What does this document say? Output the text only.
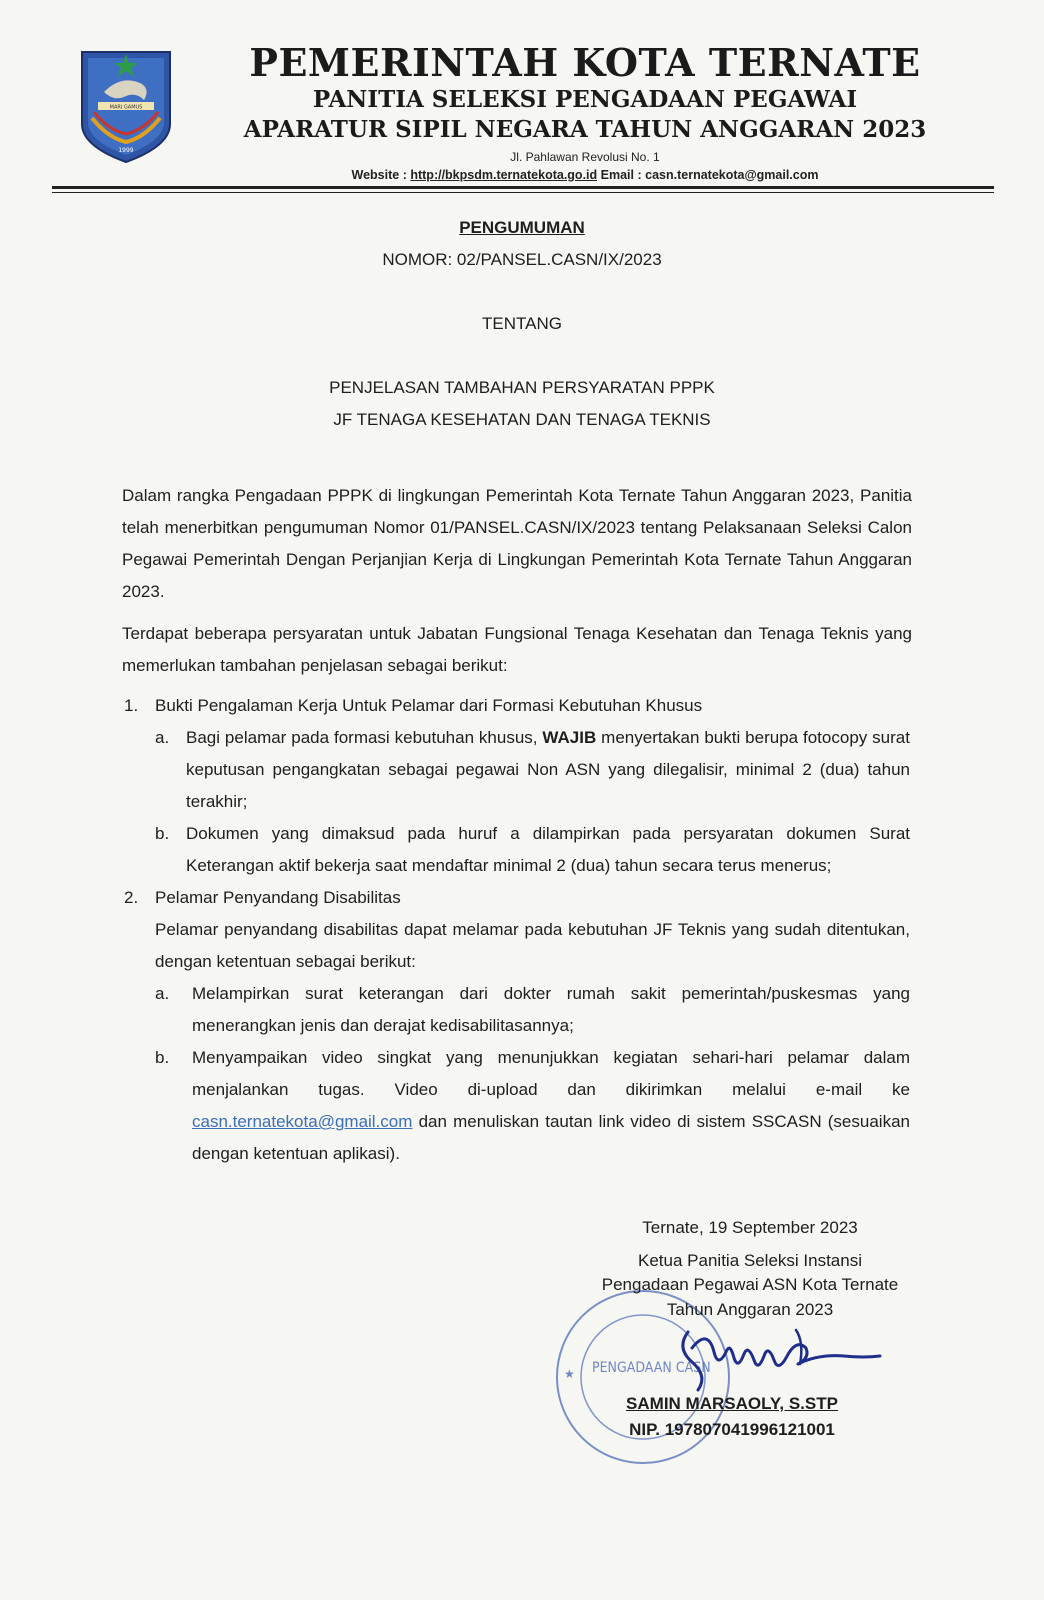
MARI GAMUS
1999
PEMERINTAH KOTA TERNATE
PANITIA SELEKSI PENGADAAN PEGAWAI
APARATUR SIPIL NEGARA TAHUN ANGGARAN 2023
Jl. Pahlawan Revolusi No. 1
Website : http://bkpsdm.ternatekota.go.id Email : casn.ternatekota@gmail.com
PENGUMUMAN
NOMOR: 02/PANSEL.CASN/IX/2023
TENTANG
PENJELASAN TAMBAHAN PERSYARATAN PPPK
JF TENAGA KESEHATAN DAN TENAGA TEKNIS
Dalam rangka Pengadaan PPPK di lingkungan Pemerintah Kota Ternate Tahun Anggaran 2023, Panitia telah menerbitkan pengumuman Nomor 01/PANSEL.CASN/IX/2023 tentang Pelaksanaan Seleksi Calon Pegawai Pemerintah Dengan Perjanjian Kerja di Lingkungan Pemerintah Kota Ternate Tahun Anggaran 2023.
Terdapat beberapa persyaratan untuk Jabatan Fungsional Tenaga Kesehatan dan Tenaga Teknis yang memerlukan tambahan penjelasan sebagai berikut:
1. Bukti Pengalaman Kerja Untuk Pelamar dari Formasi Kebutuhan Khusus
a. Bagi pelamar pada formasi kebutuhan khusus, WAJIB menyertakan bukti berupa fotocopy surat keputusan pengangkatan sebagai pegawai Non ASN yang dilegalisir, minimal 2 (dua) tahun terakhir;
b. Dokumen yang dimaksud pada huruf a dilampirkan pada persyaratan dokumen Surat Keterangan aktif bekerja saat mendaftar minimal 2 (dua) tahun secara terus menerus;
2. Pelamar Penyandang Disabilitas
Pelamar penyandang disabilitas dapat melamar pada kebutuhan JF Teknis yang sudah ditentukan, dengan ketentuan sebagai berikut:
a. Melampirkan surat keterangan dari dokter rumah sakit pemerintah/puskesmas yang menerangkan jenis dan derajat kedisabilitasannya;
b. Menyampaikan video singkat yang menunjukkan kegiatan sehari-hari pelamar dalam menjalankan tugas. Video di-upload dan dikirimkan melalui e-mail ke casn.ternatekota@gmail.com dan menuliskan tautan link video di sistem SSCASN (sesuaikan dengan ketentuan aplikasi).
Ternate, 19 September 2023
PENGADAAN CASN
★
Ketua Panitia Seleksi Instansi
Pengadaan Pegawai ASN Kota Ternate
Tahun Anggaran 2023
SAMIN MARSAOLY, S.STP
NIP. 197807041996121001
